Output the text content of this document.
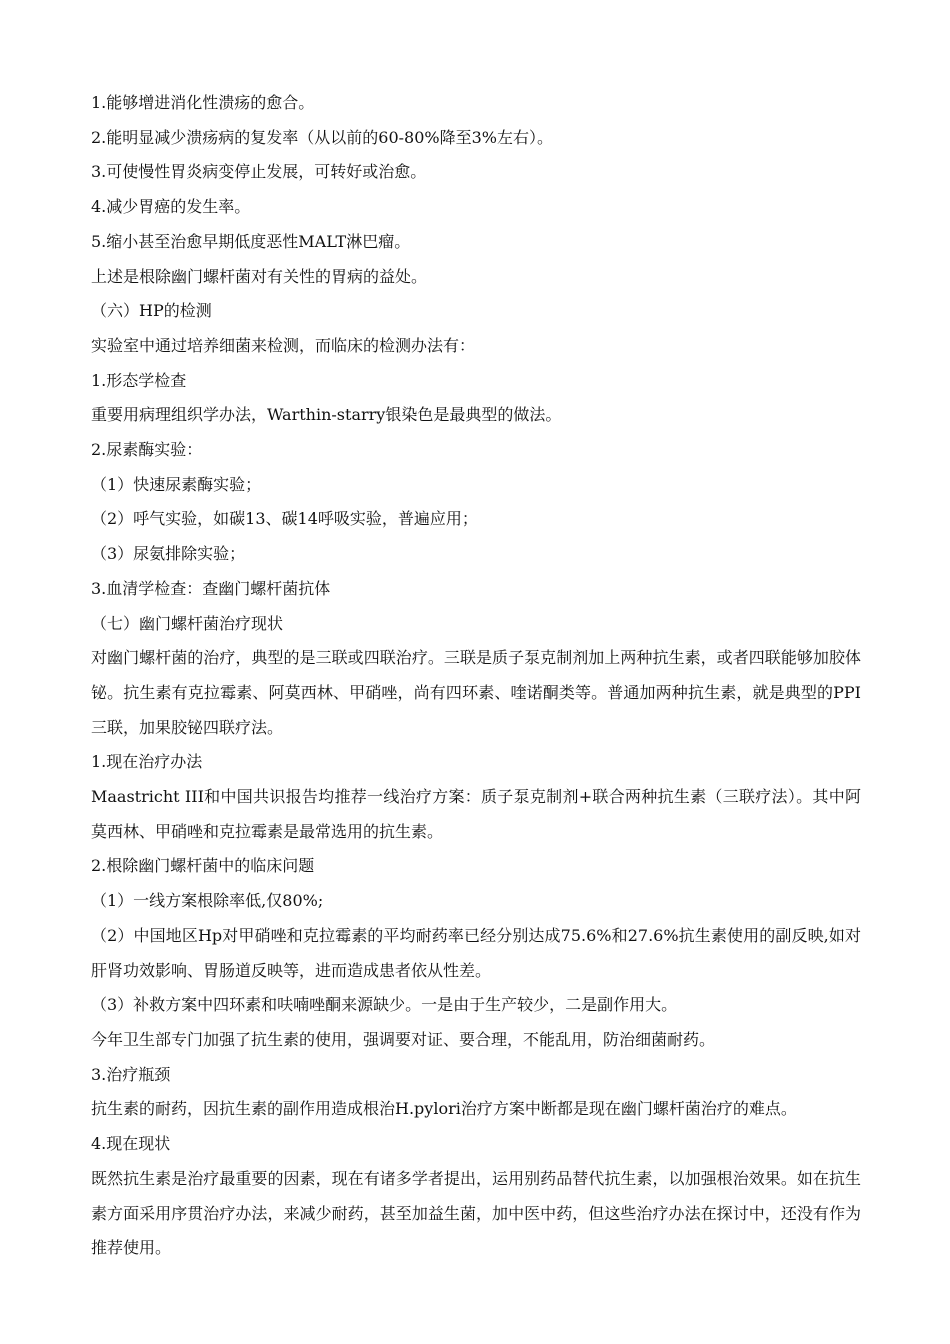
1.能够增进消化性溃疡的愈合。

2.能明显减少溃疡病的复发率（从以前的60-80%降至3%左右）。

3.可使慢性胃炎病变停止发展，可转好或治愈。

4.减少胃癌的发生率。

5.缩小甚至治愈早期低度恶性MALT淋巴瘤。

上述是根除幽门螺杆菌对有关性的胃病的益处。

（六）HP的检测

实验室中通过培养细菌来检测，而临床的检测办法有：

1.形态学检查

重要用病理组织学办法，Warthin-starry银染色是最典型的做法。

2.尿素酶实验：

（1）快速尿素酶实验；

（2）呼气实验，如碳13、碳14呼吸实验，普遍应用；

（3）尿氨排除实验；

3.血清学检查：查幽门螺杆菌抗体

（七）幽门螺杆菌治疗现状

对幽门螺杆菌的治疗，典型的是三联或四联治疗。三联是质子泵克制剂加上两种抗生素，或者四联能够加胶体铋。抗生素有克拉霉素、阿莫西林、甲硝唑，尚有四环素、喹诺酮类等。普通加两种抗生素，就是典型的PPI三联，加果胶铋四联疗法。

1.现在治疗办法

Maastricht III和中国共识报告均推荐一线治疗方案：质子泵克制剂+联合两种抗生素（三联疗法）。其中阿莫西林、甲硝唑和克拉霉素是最常选用的抗生素。

2.根除幽门螺杆菌中的临床问题

（1）一线方案根除率低,仅80%;

（2）中国地区Hp对甲硝唑和克拉霉素的平均耐药率已经分别达成75.6%和27.6%抗生素使用的副反映,如对肝肾功效影响、胃肠道反映等，进而造成患者依从性差。

（3）补救方案中四环素和呋喃唑酮来源缺少。一是由于生产较少，二是副作用大。

今年卫生部专门加强了抗生素的使用，强调要对证、要合理，不能乱用，防治细菌耐药。

3.治疗瓶颈

抗生素的耐药，因抗生素的副作用造成根治H.pylori治疗方案中断都是现在幽门螺杆菌治疗的难点。

4.现在现状

既然抗生素是治疗最重要的因素，现在有诸多学者提出，运用别药品替代抗生素，以加强根治效果。如在抗生素方面采用序贯治疗办法，来减少耐药，甚至加益生菌，加中医中药，但这些治疗办法在探讨中，还没有作为推荐使用。
